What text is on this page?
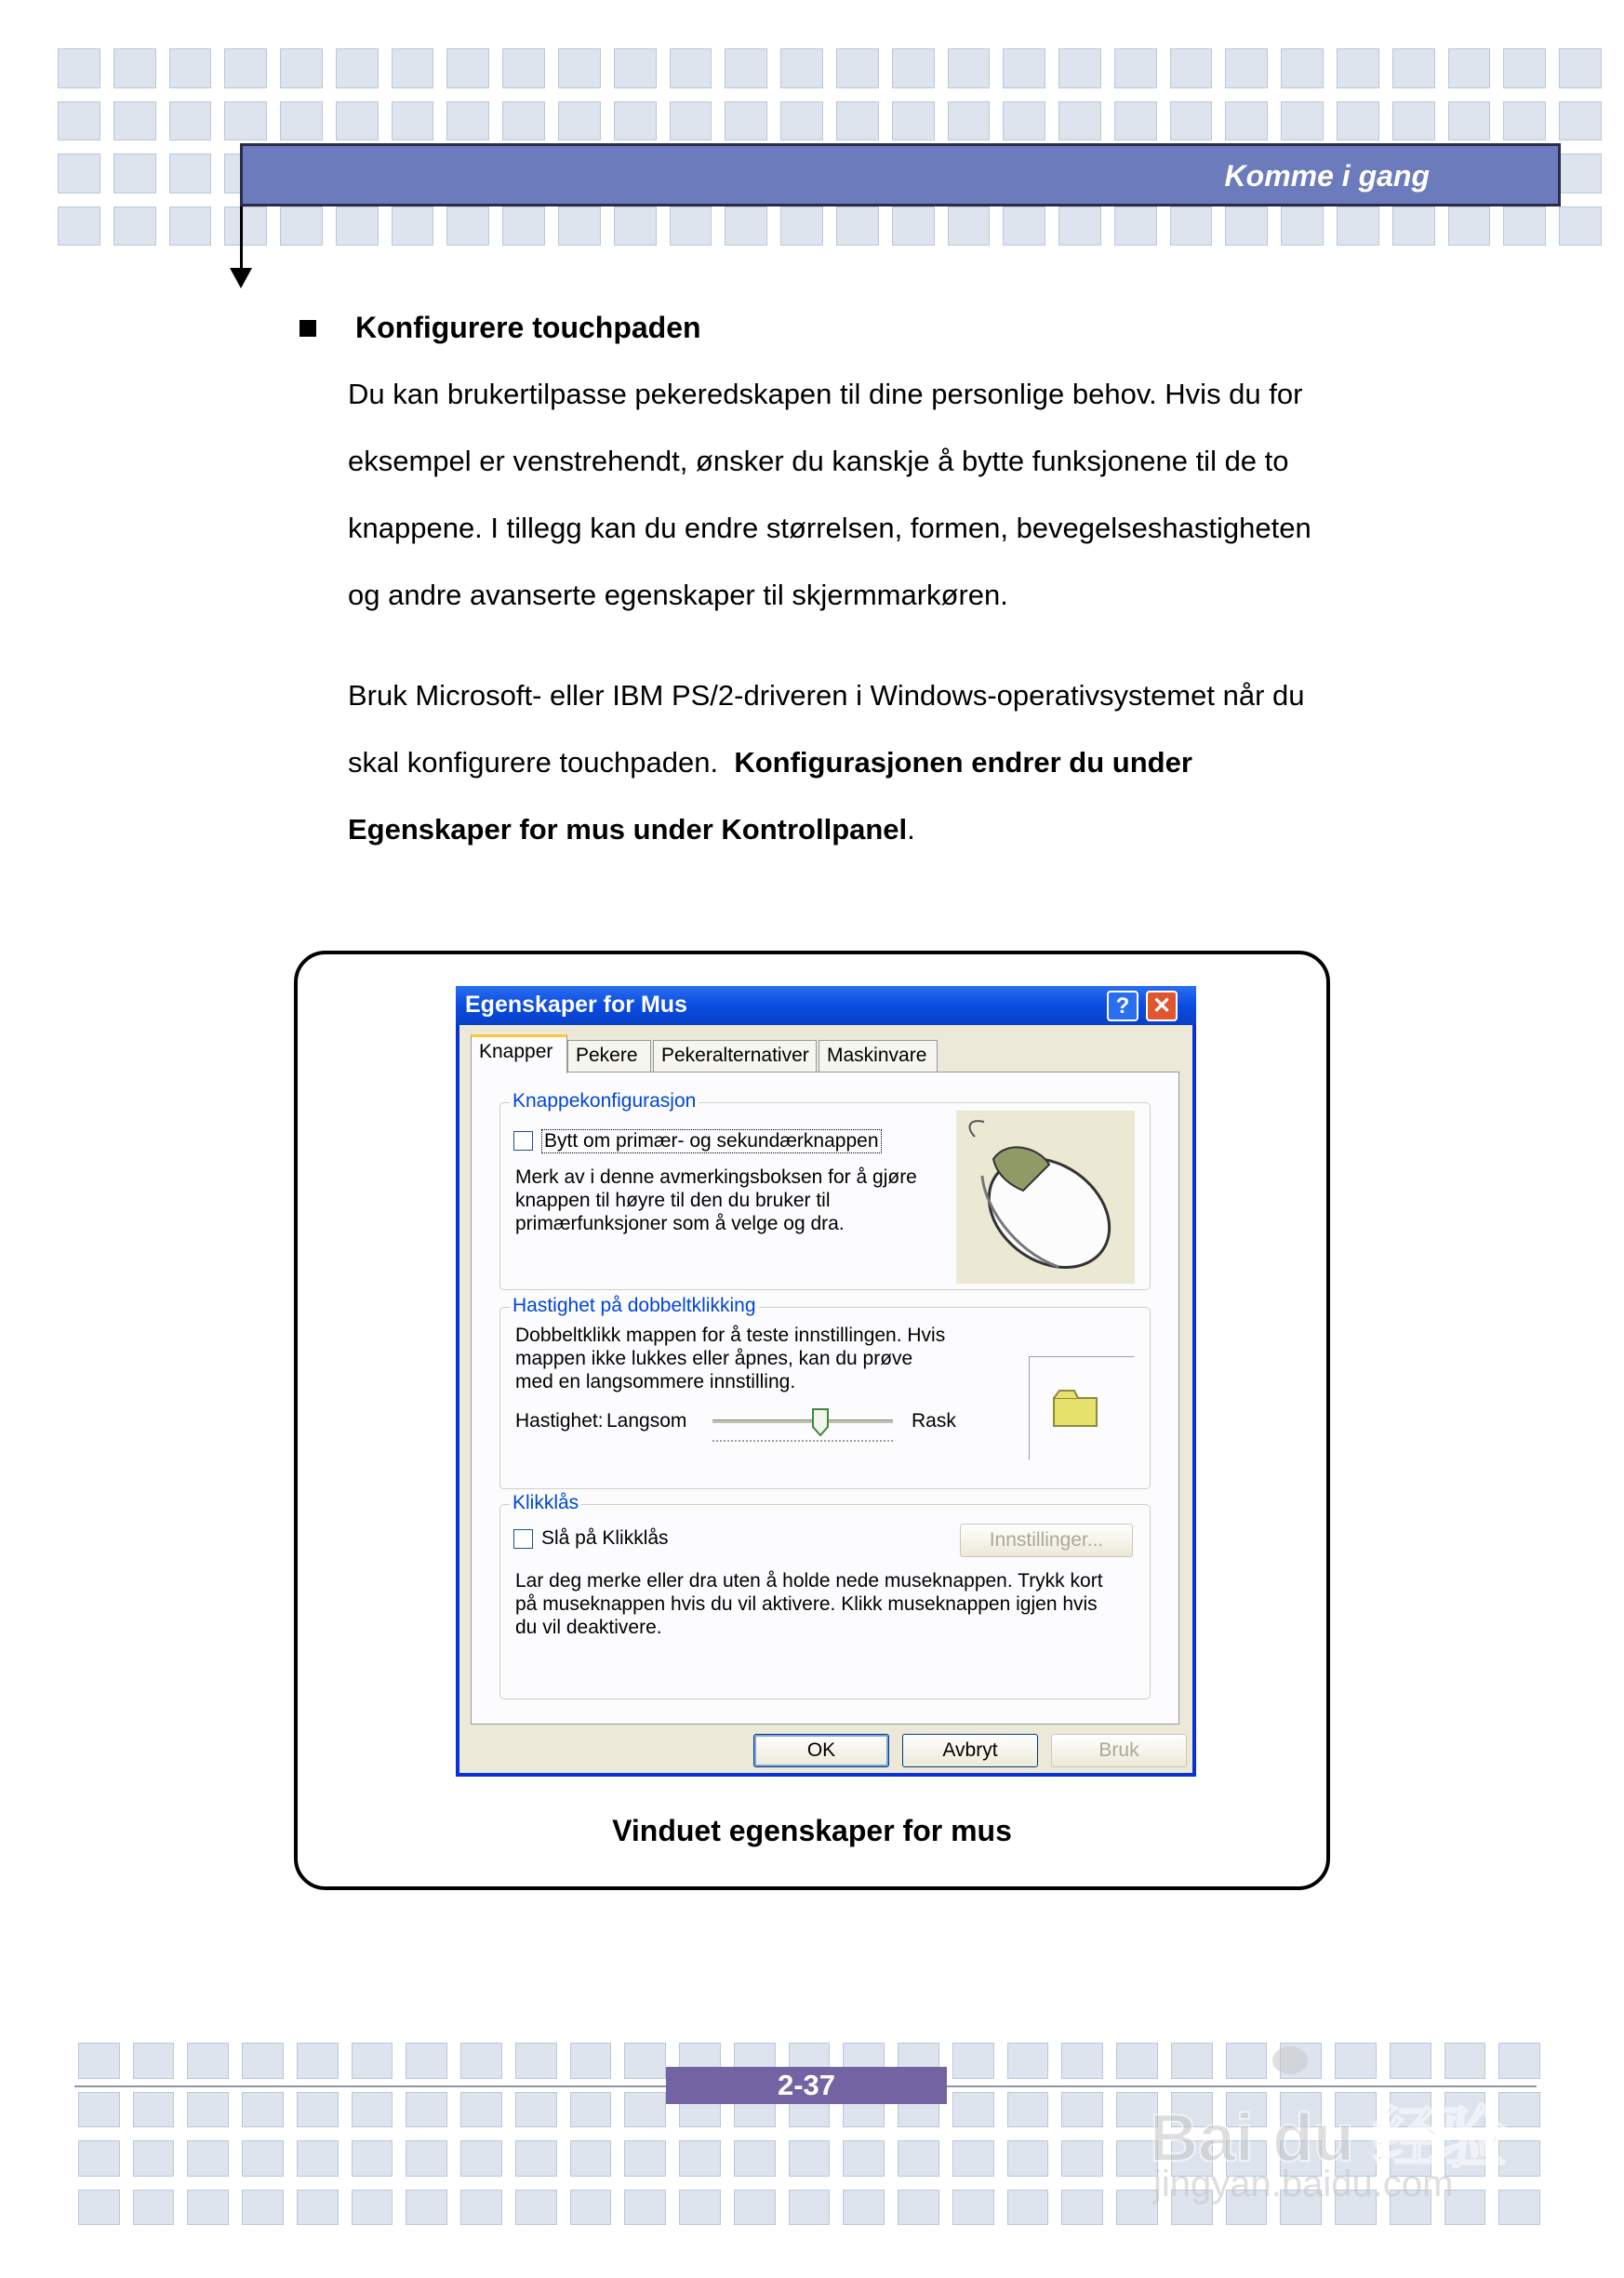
Komme i gang
Konfigurere touchpaden
Du kan brukertilpasse pekeredskapen til dine personlige behov. Hvis du for
eksempel er venstrehendt, ønsker du kanskje å bytte funksjonene til de to
knappene. I tillegg kan du endre størrelsen, formen, bevegelseshastigheten
og andre avanserte egenskaper til skjermmarkøren.
Bruk Microsoft- eller IBM PS/2-driveren i Windows-operativsystemet når du
skal konfigurere touchpaden.  Konfigurasjonen endrer du under
Egenskaper for mus under Kontrollpanel.
Egenskaper for Mus	?	✕
Knapper	Pekere	Pekeralternativer Maskinvare
Knappekonfigurasjon
Bytt om primær- og sekundærknappen
Merk av i denne avmerkingsboksen for å gjøre
knappen til høyre til den du bruker til
primærfunksjoner som å velge og dra.
Hastighet på dobbeltklikking
Dobbeltklikk mappen for å teste innstillingen. Hvis
mappen ikke lukkes eller åpnes, kan du prøve
med en langsommere innstilling.
Hastighet: Langsom	Rask
Klikklås
Slå på Klikklås	Innstillinger...
Lar deg merke eller dra uten å holde nede museknappen. Trykk kort
på museknappen hvis du vil aktivere. Klikk museknappen igjen hvis
du vil deaktivere.
OK	Avbryt	Bruk
Vinduet egenskaper for mus
2-37
Bai du 经验
jingyan.baidu.com
